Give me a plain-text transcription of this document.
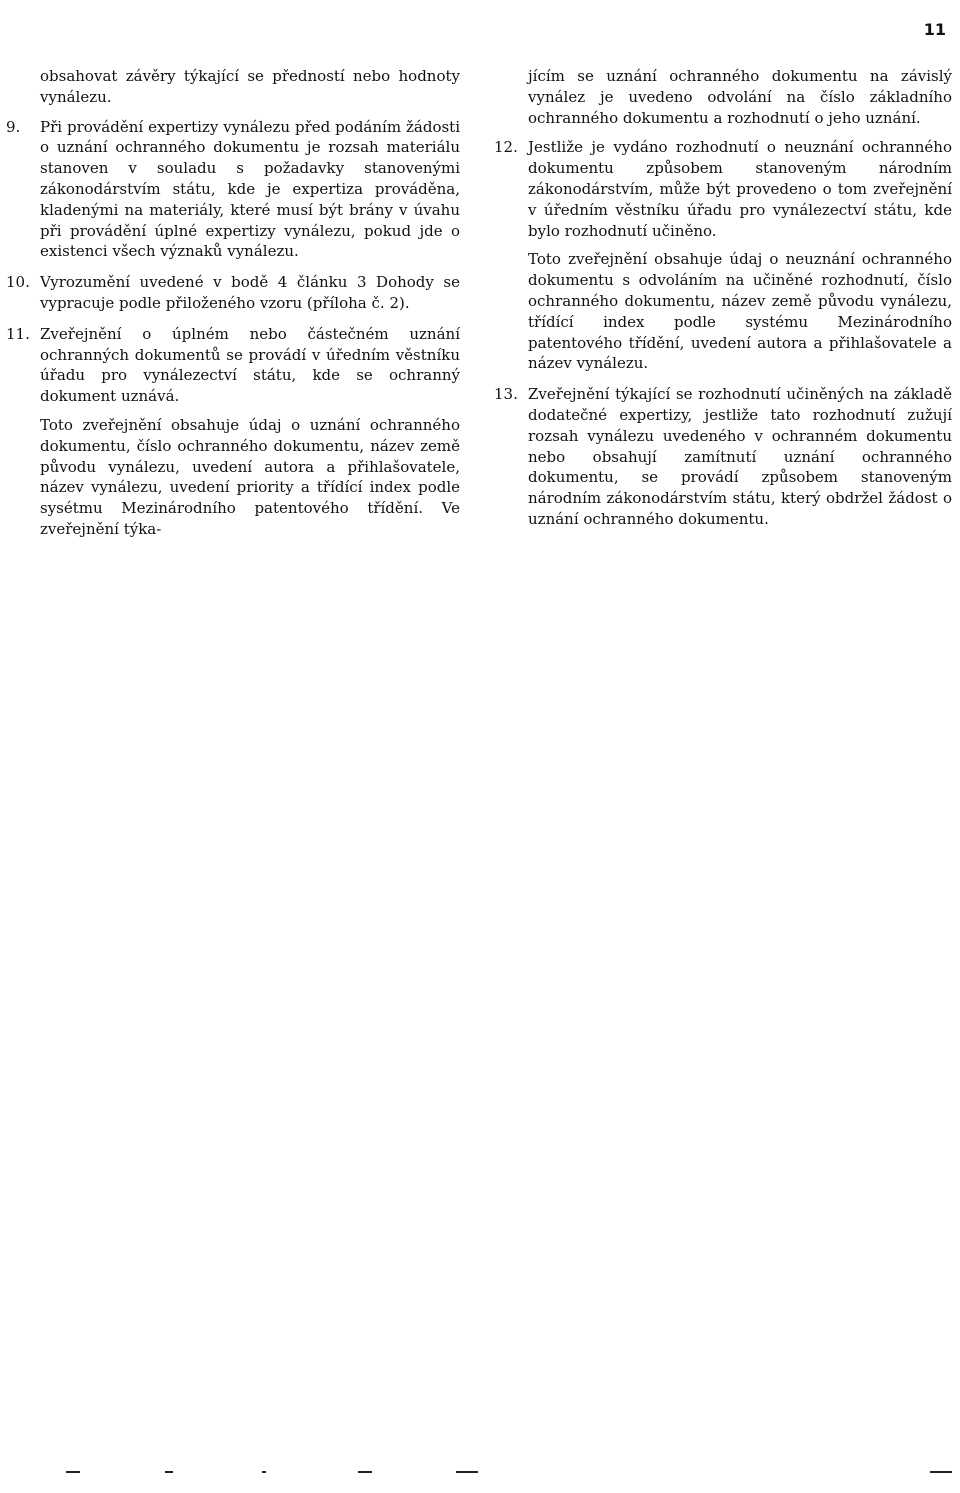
11

obsahovat závěry týkající se předností nebo hodnoty vynálezu.

9. Při provádění expertizy vynálezu před podáním žádosti o uznání ochranného dokumentu je rozsah materiálu stanoven v souladu s požadavky stanovenými zákonodárstvím státu, kde je expertiza prováděna, kladenými na materiály, které musí být brány v úvahu při provádění úplné expertizy vynálezu, pokud jde o existenci všech význaků vynálezu.

10. Vyrozumění uvedené v bodě 4 článku 3 Dohody se vypracuje podle přiloženého vzoru (příloha č. 2).

11. Zveřejnění o úplném nebo částečném uznání ochranných dokumentů se provádí v úředním věstníku úřadu pro vynálezectví státu, kde se ochranný dokument uznává.

Toto zveřejnění obsahuje údaj o uznání ochranného dokumentu, číslo ochranného dokumentu, název země původu vynálezu, uvedení autora a přihlašovatele, název vynálezu, uvedení priority a třídící index podle sysétmu Mezinárodního patentového třídění. Ve zveřejnění týka-

jícím se uznání ochranného dokumentu na závislý vynález je uvedeno odvolání na číslo základního ochranného dokumentu a rozhodnutí o jeho uznání.

12. Jestliže je vydáno rozhodnutí o neuznání ochranného dokumentu způsobem stanoveným národním zákonodárstvím, může být provedeno o tom zveřejnění v úředním věstníku úřadu pro vynálezectví státu, kde bylo rozhodnutí učiněno.

Toto zveřejnění obsahuje údaj o neuznání ochranného dokumentu s odvoláním na učiněné rozhodnutí, číslo ochranného dokumentu, název země původu vynálezu, třídící index podle systému Mezinárodního patentového třídění, uvedení autora a přihlašovatele a název vynálezu.

13. Zveřejnění týkající se rozhodnutí učiněných na základě dodatečné expertizy, jestliže tato rozhodnutí zužují rozsah vynálezu uvedeného v ochranném dokumentu nebo obsahují zamítnutí uznání ochranného dokumentu, se provádí způsobem stanoveným národním zákonodárstvím státu, který obdržel žádost o uznání ochranného dokumentu.
